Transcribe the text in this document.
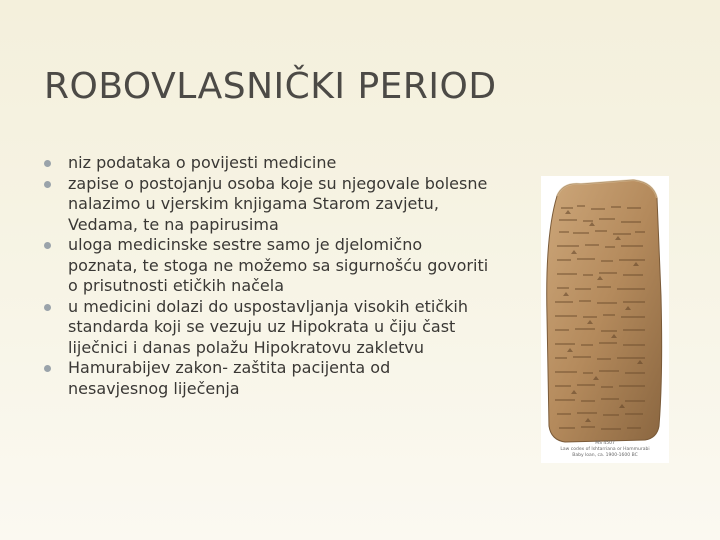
ROBOVLASNIČKI PERIOD
niz podataka o povijesti medicine
zapise o postojanju osoba koje su njegovale bolesne
nalazimo u vjerskim knjigama Starom zavjetu,
Vedama, te na papirusima
uloga medicinske sestre samo je djelomično
poznata, te stoga ne možemo sa sigurnošću govoriti
o prisutnosti etičkih načela
u medicini dolazi do uspostavljanja visokih etičkih
standarda koji se vezuju uz Hipokrata u čiju čast
liječnici i danas polažu Hipokratovu zakletvu
Hamurabijev zakon- zaštita pacijenta od
nesavjesnog liječenja
MS 4507
Law codex of Ishtarriana or Hammurabi
Baby loan, ca. 1900-1600 BC
